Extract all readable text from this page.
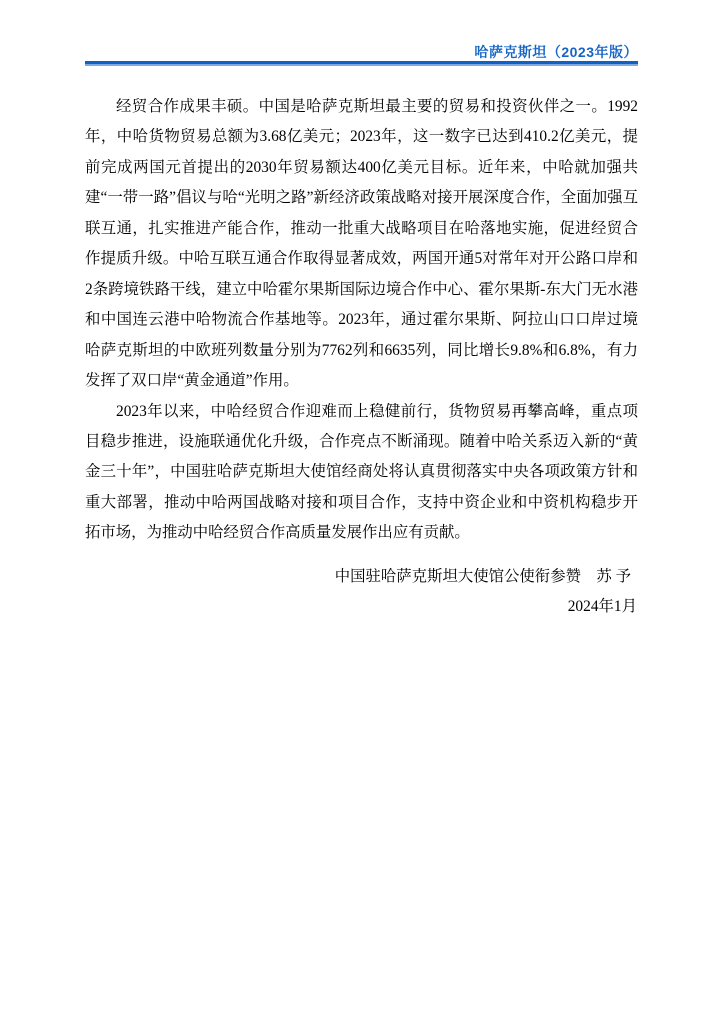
哈萨克斯坦（2023年版）

经贸合作成果丰硕。中国是哈萨克斯坦最主要的贸易和投资伙伴之一。1992年，中哈货物贸易总额为3.68亿美元；2023年，这一数字已达到410.2亿美元，提前完成两国元首提出的2030年贸易额达400亿美元目标。近年来，中哈就加强共建“一带一路”倡议与哈“光明之路”新经济政策战略对接开展深度合作，全面加强互联互通，扎实推进产能合作，推动一批重大战略项目在哈落地实施，促进经贸合作提质升级。中哈互联互通合作取得显著成效，两国开通5对常年对开公路口岸和2条跨境铁路干线，建立中哈霍尔果斯国际边境合作中心、霍尔果斯-东大门无水港和中国连云港中哈物流合作基地等。2023年，通过霍尔果斯、阿拉山口口岸过境哈萨克斯坦的中欧班列数量分别为7762列和6635列，同比增长9.8%和6.8%，有力发挥了双口岸“黄金通道”作用。

2023年以来，中哈经贸合作迎难而上稳健前行，货物贸易再攀高峰，重点项目稳步推进，设施联通优化升级，合作亮点不断涌现。随着中哈关系迈入新的“黄金三十年”，中国驻哈萨克斯坦大使馆经商处将认真贯彻落实中央各项政策方针和重大部署，推动中哈两国战略对接和项目合作，支持中资企业和中资机构稳步开拓市场，为推动中哈经贸合作高质量发展作出应有贡献。

中国驻哈萨克斯坦大使馆公使衔参赞　苏 予
2024年1月
